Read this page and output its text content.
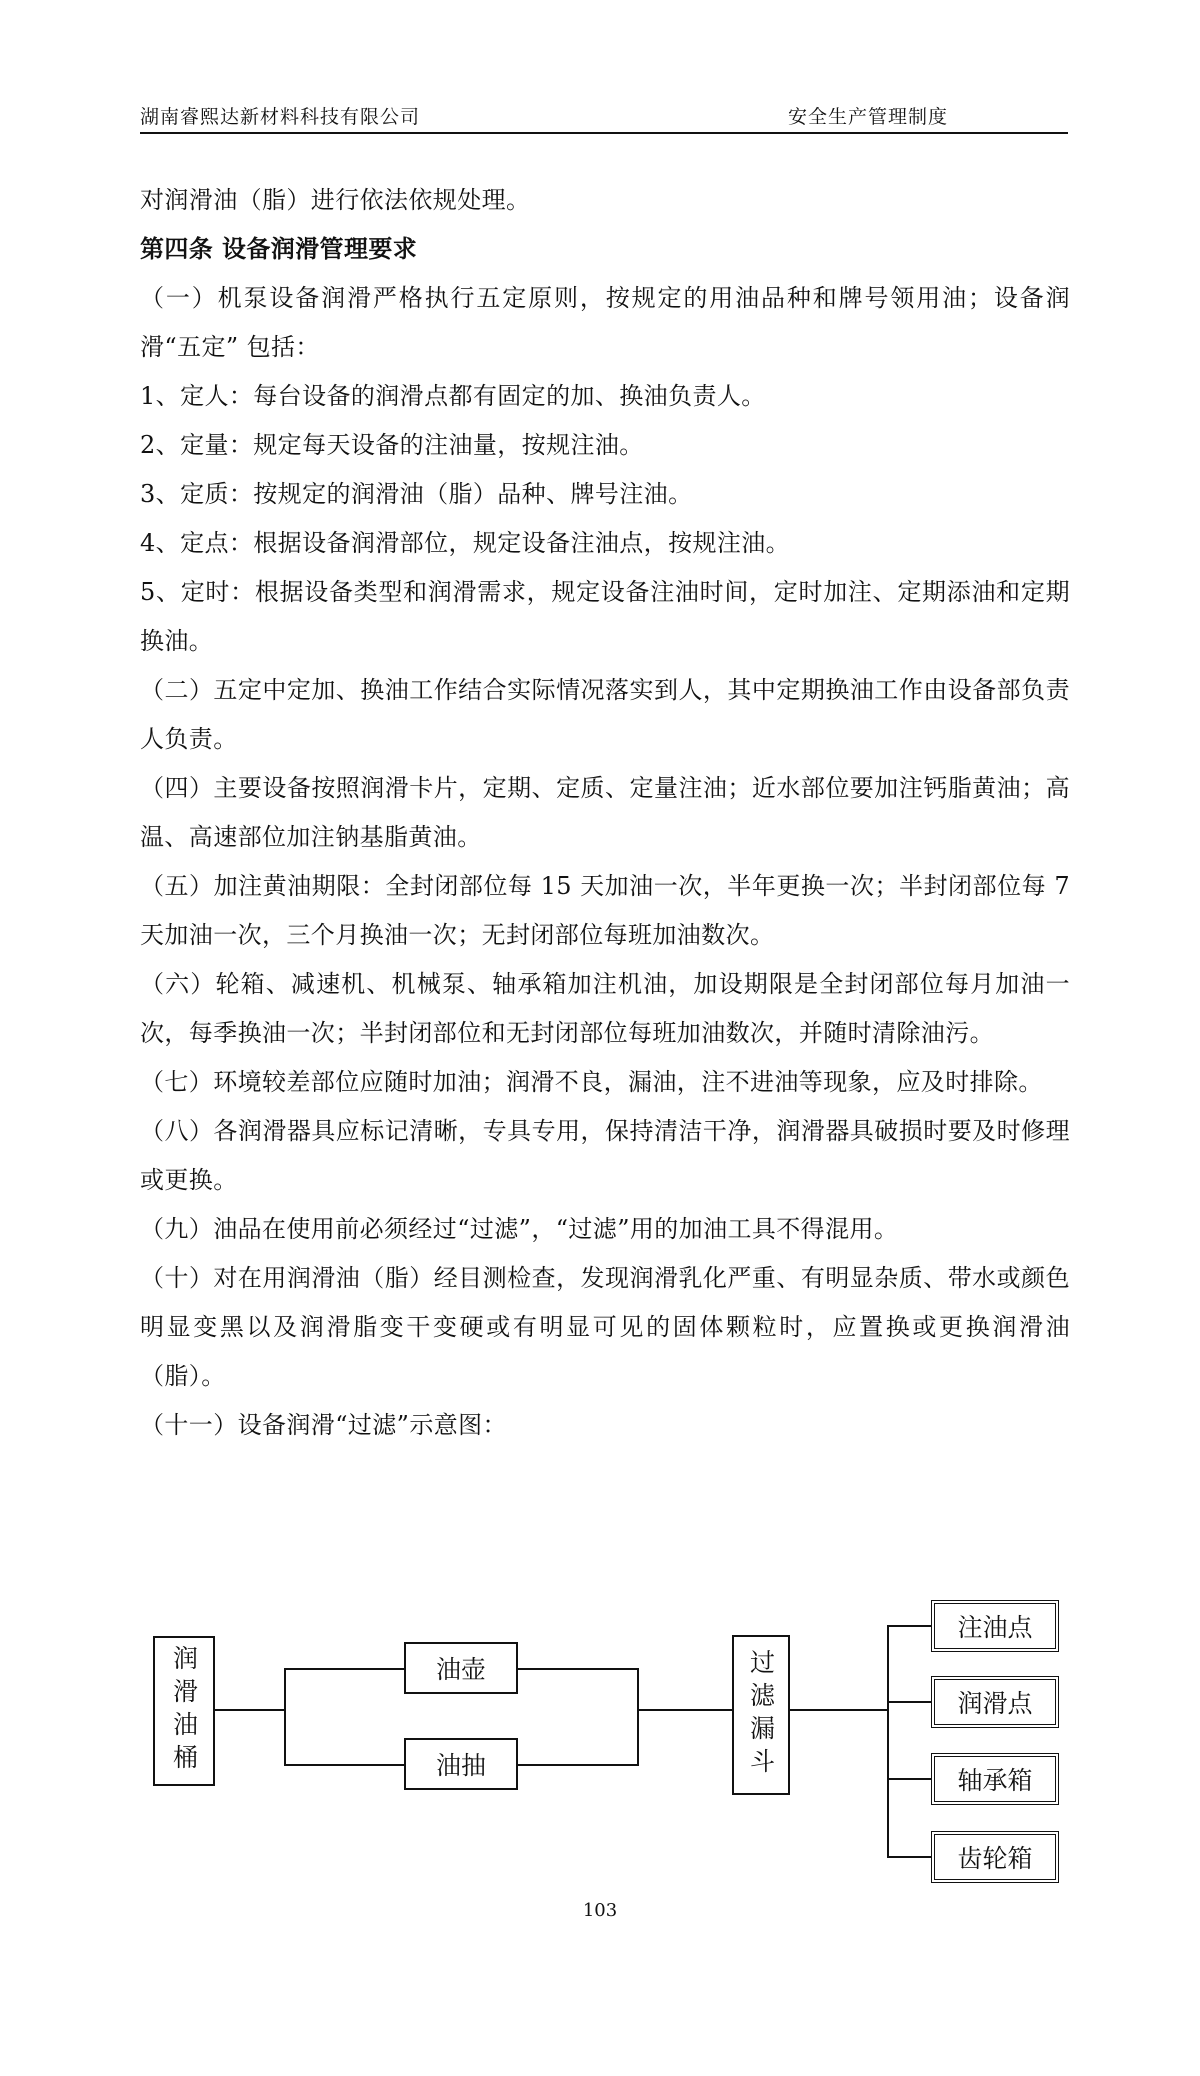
湖南睿熙达新材料科技有限公司	安全生产管理制度

对润滑油（脂）进行依法依规处理。

第四条 设备润滑管理要求

（一）机泵设备润滑严格执行五定原则，按规定的用油品种和牌号领用油；设备润滑“五定” 包括：

1、定人：每台设备的润滑点都有固定的加、换油负责人。

2、定量：规定每天设备的注油量，按规注油。

3、定质：按规定的润滑油（脂）品种、牌号注油。

4、定点：根据设备润滑部位，规定设备注油点，按规注油。

5、定时：根据设备类型和润滑需求，规定设备注油时间，定时加注、定期添油和定期换油。

（二）五定中定加、换油工作结合实际情况落实到人，其中定期换油工作由设备部负责人负责。

（四）主要设备按照润滑卡片，定期、定质、定量注油；近水部位要加注钙脂黄油；高温、高速部位加注钠基脂黄油。

（五）加注黄油期限：全封闭部位每 15 天加油一次，半年更换一次；半封闭部位每 7 天加油一次，三个月换油一次；无封闭部位每班加油数次。

（六）轮箱、减速机、机械泵、轴承箱加注机油，加设期限是全封闭部位每月加油一次，每季换油一次；半封闭部位和无封闭部位每班加油数次，并随时清除油污。

（七）环境较差部位应随时加油；润滑不良，漏油，注不进油等现象，应及时排除。

（八）各润滑器具应标记清晰，专具专用，保持清洁干净，润滑器具破损时要及时修理或更换。

（九）油品在使用前必须经过“过滤”，“过滤”用的加油工具不得混用。

（十）对在用润滑油（脂）经目测检查，发现润滑乳化严重、有明显杂质、带水或颜色明显变黑以及润滑脂变干变硬或有明显可见的固体颗粒时，应置换或更换润滑油（脂）。

（十一）设备润滑“过滤”示意图：

润滑油桶	油壶
油抽	过滤漏斗
注油点
润滑点
轴承箱
齿轮箱
103
